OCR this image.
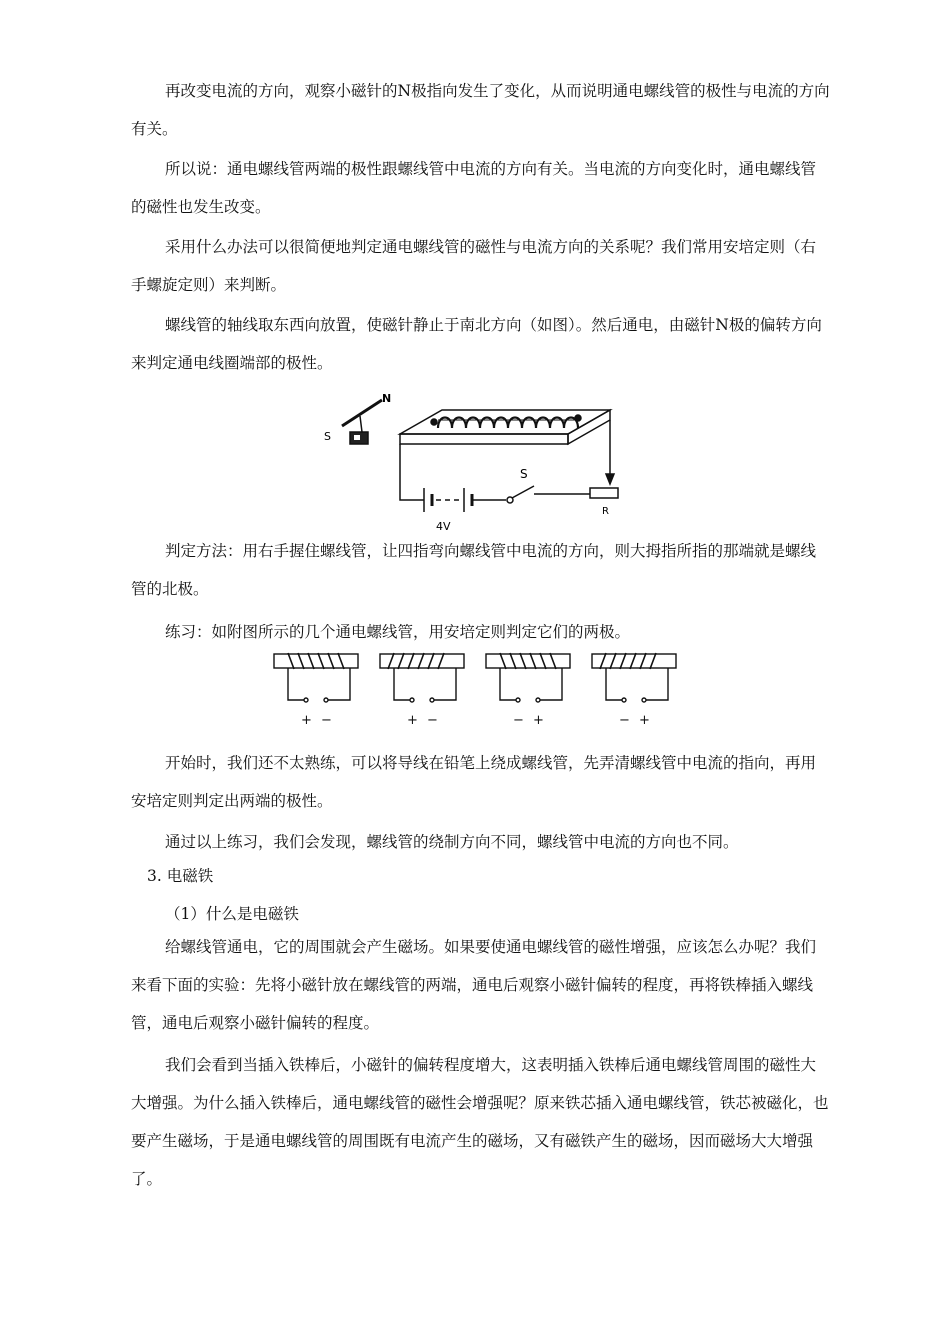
再改变电流的方向，观察小磁针的N极指向发生了变化，从而说明通电螺线管的极性与电流的方向有关。

所以说：通电螺线管两端的极性跟螺线管中电流的方向有关。当电流的方向变化时，通电螺线管的磁性也发生改变。

采用什么办法可以很简便地判定通电螺线管的磁性与电流方向的关系呢？我们常用安培定则（右手螺旋定则）来判断。

螺线管的轴线取东西向放置，使磁针静止于南北方向（如图）。然后通电，由磁针N极的偏转方向来判定通电线圈端部的极性。

N
S
4V
S
R

判定方法：用右手握住螺线管，让四指弯向螺线管中电流的方向，则大拇指所指的那端就是螺线管的北极。

练习：如附图所示的几个通电螺线管，用安培定则判定它们的两极。

+ −	+ −	− +	− +

开始时，我们还不太熟练，可以将导线在铅笔上绕成螺线管，先弄清螺线管中电流的指向，再用安培定则判定出两端的极性。

通过以上练习，我们会发现，螺线管的绕制方向不同，螺线管中电流的方向也不同。

3. 电磁铁

（1）什么是电磁铁

给螺线管通电，它的周围就会产生磁场。如果要使通电螺线管的磁性增强，应该怎么办呢？我们来看下面的实验：先将小磁针放在螺线管的两端，通电后观察小磁针偏转的程度，再将铁棒插入螺线管，通电后观察小磁针偏转的程度。

我们会看到当插入铁棒后，小磁针的偏转程度增大，这表明插入铁棒后通电螺线管周围的磁性大大增强。为什么插入铁棒后，通电螺线管的磁性会增强呢？原来铁芯插入通电螺线管，铁芯被磁化，也要产生磁场，于是通电螺线管的周围既有电流产生的磁场，又有磁铁产生的磁场，因而磁场大大增强了。
